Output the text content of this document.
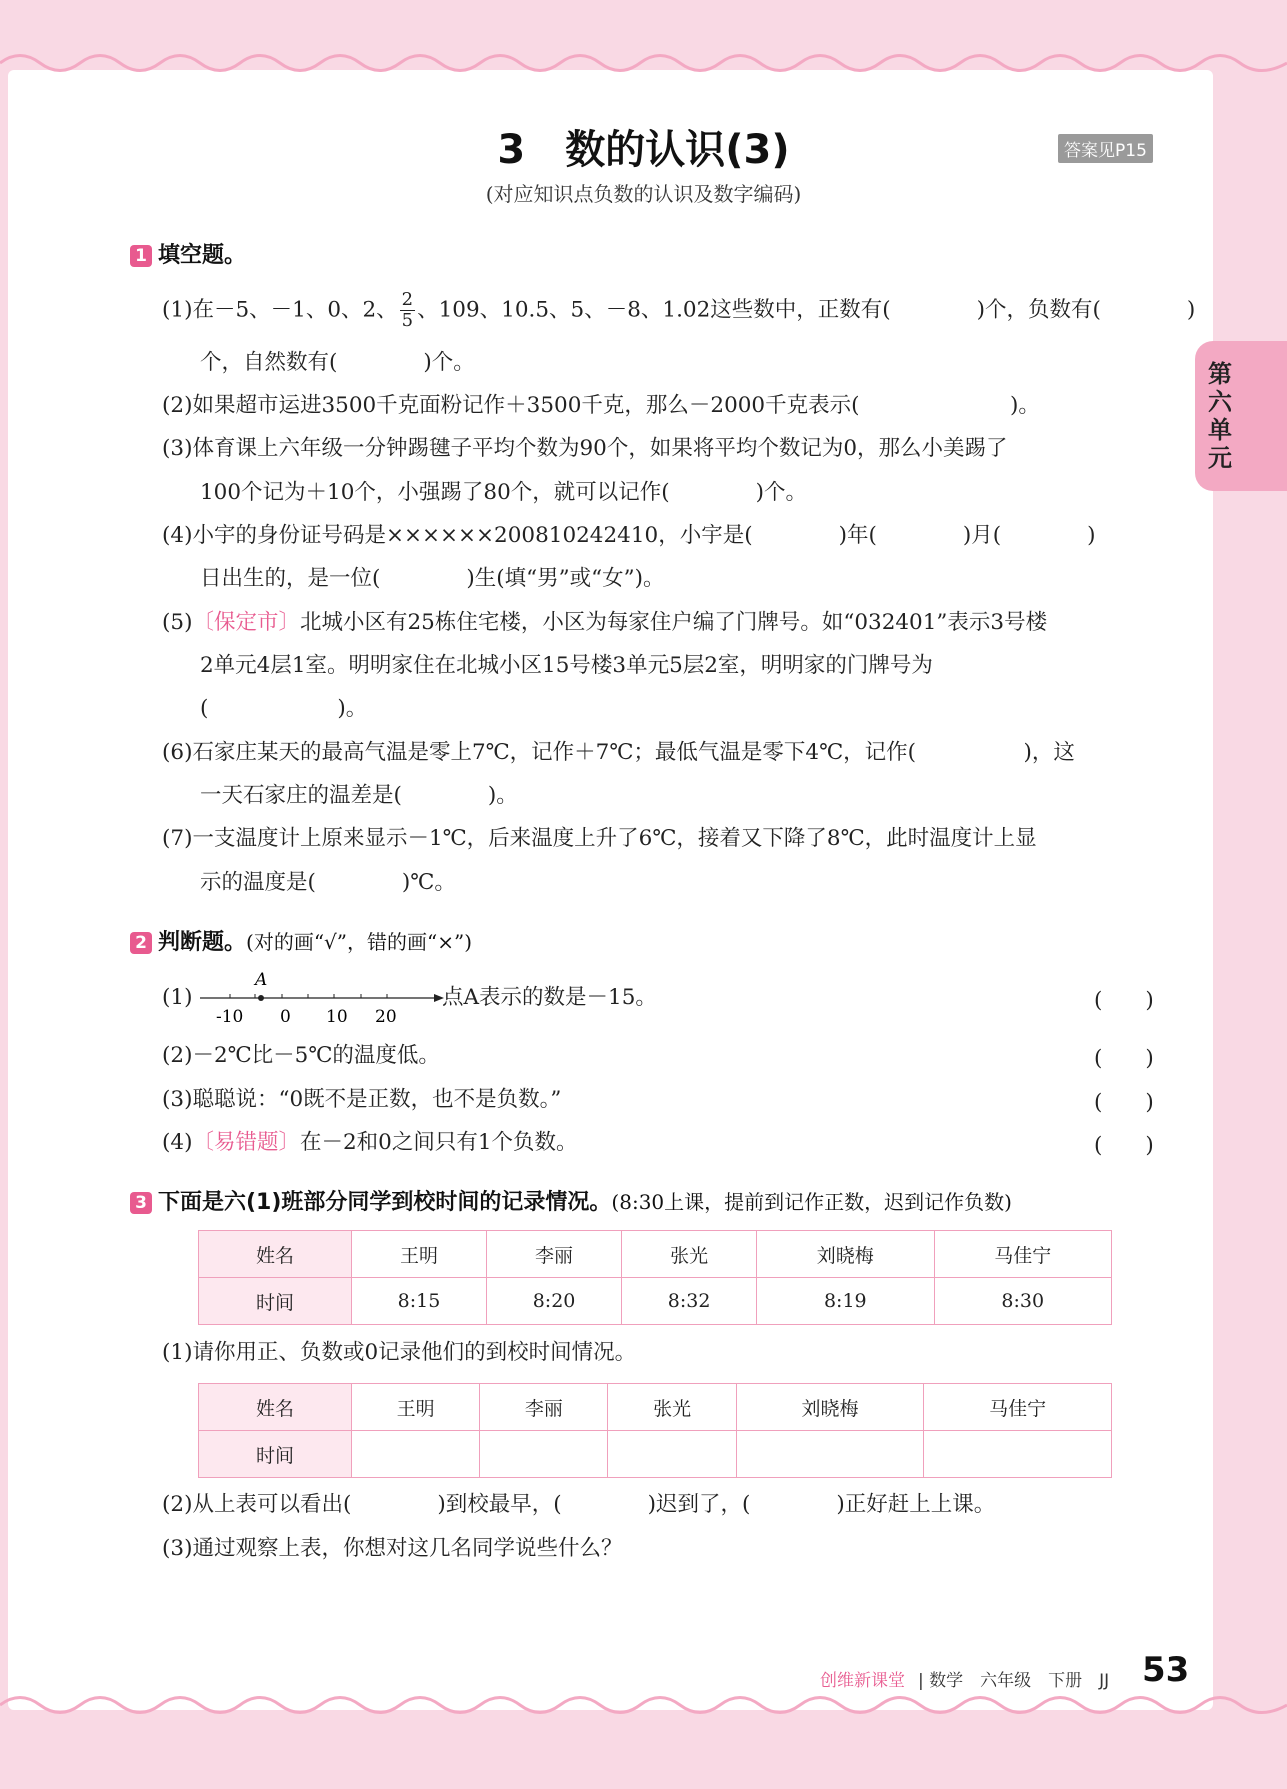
3　数的认识(3)	答案见P15
(对应知识点负数的认识及数字编码)
第六单元
1 填空题。
(1)在－5、－1、0、2、 $\frac{2}{5}$ 、109、10.5、5、－8、1.02这些数中，正数有(　　　　)个，负数有(　　　　)
个，自然数有(　　　　)个。
(2)如果超市运进3500千克面粉记作＋3500千克，那么－2000千克表示(　　　　　　　)。
(3)体育课上六年级一分钟踢毽子平均个数为90个，如果将平均个数记为0，那么小美踢了
100个记为＋10个，小强踢了80个，就可以记作(　　　　)个。
(4)小宇的身份证号码是××××××200810242410，小宇是(　　　　)年(　　　　)月(　　　　)
日出生的，是一位(　　　　)生(填“男”或“女”)。
(5)〔保定市〕北城小区有25栋住宅楼，小区为每家住户编了门牌号。如“032401”表示3号楼
2单元4层1室。明明家住在北城小区15号楼3单元5层2室，明明家的门牌号为
(　　　　　　)。
(6)石家庄某天的最高气温是零上7℃，记作＋7℃；最低气温是零下4℃，记作(　　　　　)，这
一天石家庄的温差是(　　　　)。
(7)一支温度计上原来显示－1℃，后来温度上升了6℃，接着又下降了8℃，此时温度计上显
示的温度是(　　　　)℃。
2 判断题。(对的画“√”，错的画“×”)
(1)
A
-10 0 10 20
点A表示的数是－15。	(　　)
(2)－2℃比－5℃的温度低。	(　　)
(3)聪聪说：“0既不是正数，也不是负数。”	(　　)
(4)〔易错题〕在－2和0之间只有1个负数。	(　　)
3 下面是六(1)班部分同学到校时间的记录情况。(8:30上课，提前到记作正数，迟到记作负数)
姓名	王明	李丽	张光	刘晓梅	马佳宁
时间	8:15	8:20	8:32	8:19	8:30
(1)请你用正、负数或0记录他们的到校时间情况。
姓名	王明	李丽	张光	刘晓梅	马佳宁
时间					
(2)从上表可以看出(　　　　)到校最早，(　　　　)迟到了，(　　　　)正好赶上上课。
(3)通过观察上表，你想对这几名同学说些什么？
创维新课堂 | 数学　六年级　下册　JJ 53
